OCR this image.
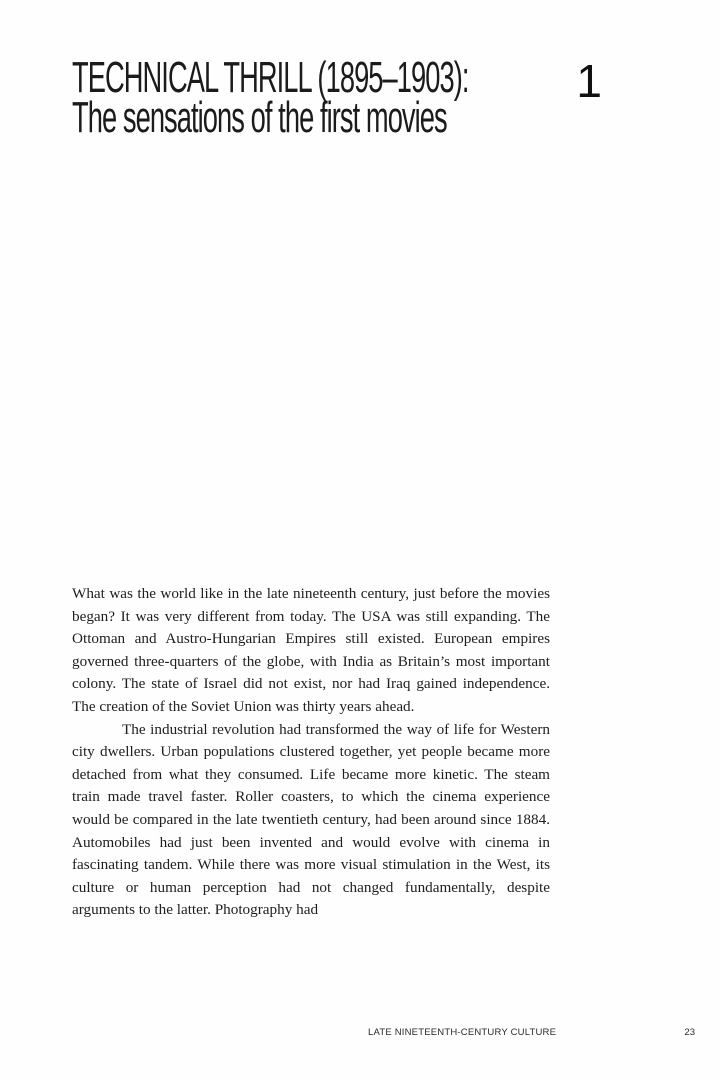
TECHNICAL THRILL (1895–1903):
The sensations of the first movies
1

What was the world like in the late nineteenth century, just before the movies began? It was very different from today. The USA was still expanding. The Ottoman and Austro-Hungarian Empires still existed. European empires governed three-quarters of the globe, with India as Britain’s most important colony. The state of Israel did not exist, nor had Iraq gained independence. The creation of the Soviet Union was thirty years ahead.

The industrial revolution had transformed the way of life for Western city dwellers. Urban populations clustered together, yet people became more detached from what they consumed. Life became more kinetic. The steam train made travel faster. Roller coasters, to which the cinema experience would be compared in the late twentieth century, had been around since 1884. Automobiles had just been invented and would evolve with cinema in fascinating tandem. While there was more visual stimulation in the West, its culture or human perception had not changed fundamentally, despite arguments to the latter. Photography had

LATE NINETEENTH-CENTURY CULTURE	23
